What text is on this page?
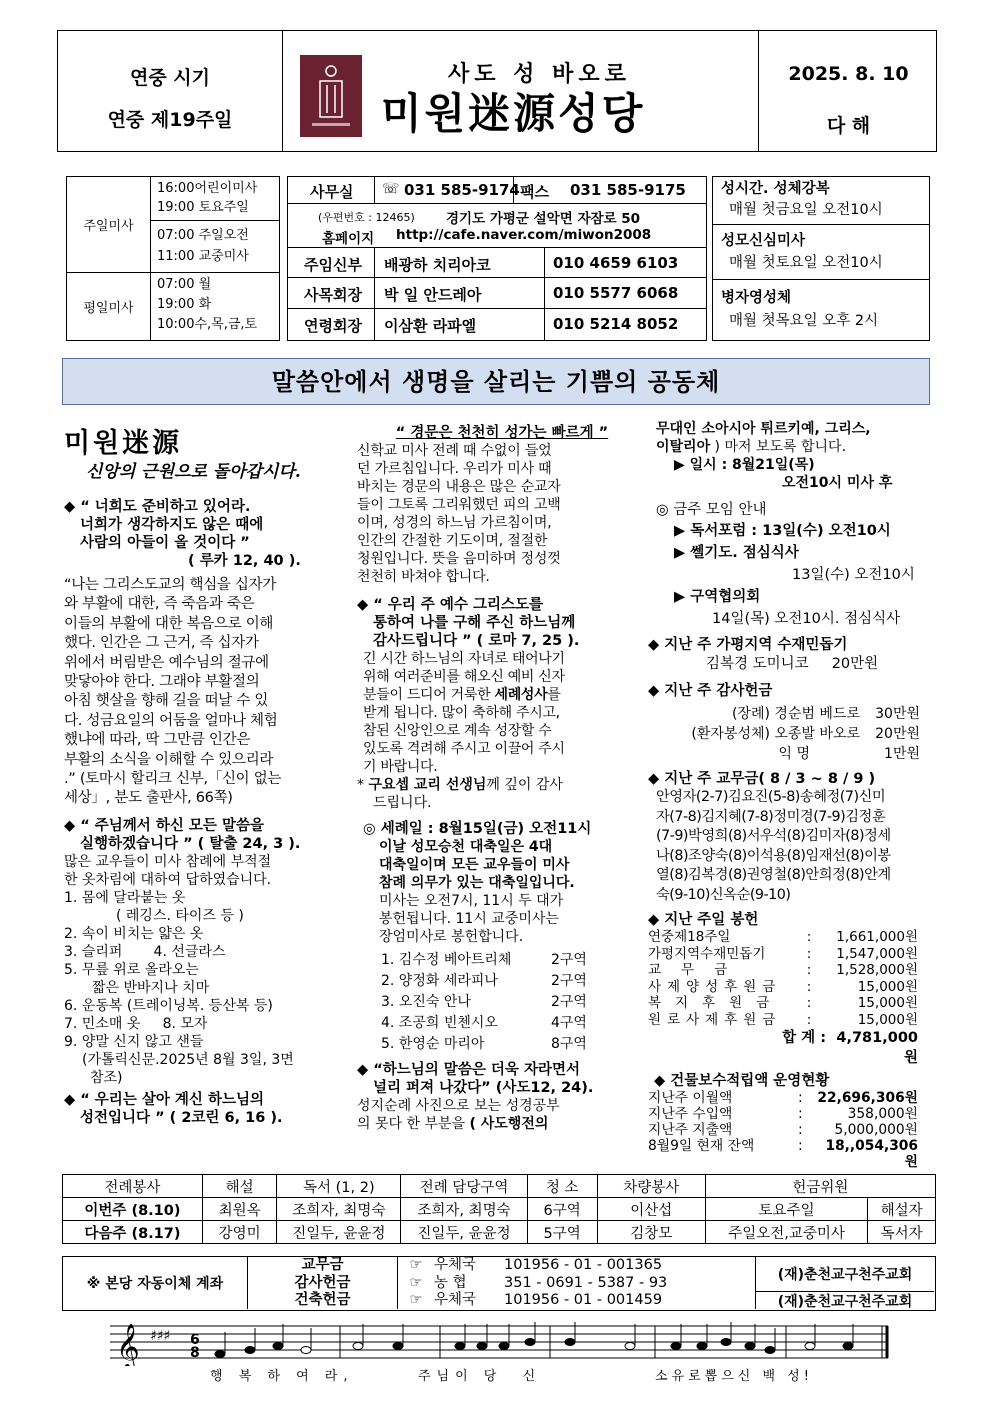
연중 시기
연중 제19주일
사도 성 바오로
미원迷源성당
2025. 8. 10
다 해
주일미사
16:00어린이미사
19:00 토요주일
07:00 주일오전
11:00 교중미사
평일미사
07:00 월
19:00 화
10:00수,목,금,토
사무실 ☏ 031 585-9174 팩스 031 585-9175
(우편번호 : 12465) 경기도 가평군 설악면 자잠로 50
홈페이지 http://cafe.naver.com/miwon2008
주임신부 배광하 치리아코	010 4659 6103
사목회장 박 일 안드레아	010 5577 6068
연령회장 이삼환 라파엘	010 5214 8052
성시간. 성체강복
매월 첫금요일 오전10시
성모신심미사
매월 첫토요일 오전10시
병자영성체
매월 첫목요일 오후 2시
말씀안에서 생명을 살리는 기쁨의 공동체
미원迷源
신앙의 근원으로 돌아갑시다.
◆ “ 너희도 준비하고 있어라.
너희가 생각하지도 않은 때에
사람의 아들이 올 것이다 ”
( 루카 12, 40 ).
“나는 그리스도교의 핵심을 십자가
와 부활에 대한, 즉 죽음과 죽은
이들의 부활에 대한 복음으로 이해
했다. 인간은 그 근거, 즉 십자가
위에서 버림받은 예수님의 절규에
맞닿아야 한다. 그래야 부활절의
아침 햇살을 향해 길을 떠날 수 있
다. 성금요일의 어둠을 얼마나 체험
했냐에 따라, 딱 그만큼 인간은
부활의 소식을 이해할 수 있으리라
.” (토마시 할리크 신부,「신이 없는
세상」, 분도 출판사, 66쪽)
◆ “ 주님께서 하신 모든 말씀을
실행하겠습니다 ” ( 탈출 24, 3 ).
많은 교우들이 미사 참례에 부적절
한 옷차림에 대하여 답하였습니다.
1. 몸에 달라붙는 옷
( 레깅스. 타이즈 등 )
2. 속이 비치는 얇은 옷
3. 슬리퍼       4. 선글라스
5. 무릎 위로 올라오는
짧은 반바지나 치마
6. 운동복 (트레이닝복. 등산복 등)
7. 민소매 옷     8. 모자
9. 양말 신지 않고 샌들
(가톨릭신문.2025년 8월 3일, 3면
참조)
◆ “ 우리는 살아 계신 하느님의
성전입니다 ” ( 2코린 6, 16 ).
“ 경문은 천천히 성가는 빠르게 ”
신학교 미사 전례 때 수없이 들었
던 가르침입니다. 우리가 미사 때
바치는 경문의 내용은 많은 순교자
들이 그토록 그리워했던 피의 고백
이며, 성경의 하느님 가르침이며,
인간의 간절한 기도이며, 절절한
청원입니다. 뜻을 음미하며 정성껏
천천히 바쳐야 합니다.
◆ “ 우리 주 예수 그리스도를
통하여 나를 구해 주신 하느님께
감사드립니다 ” ( 로마 7, 25 ).
긴 시간 하느님의 자녀로 태어나기
위해 여러준비를 해오신 예비 신자
분들이 드디어 거룩한 세례성사를
받게 됩니다. 많이 축하해 주시고,
참된 신앙인으로 계속 성장할 수
있도록 격려해 주시고 이끌어 주시
기 바랍니다.
* 구요셉 교리 선생님께 깊이 감사
드립니다.
◎ 세례일 : 8월15일(금) 오전11시
이날 성모승천 대축일은 4대
대축일이며 모든 교우들이 미사
참례 의무가 있는 대축일입니다.
미사는 오전7시, 11시 두 대가
봉헌됩니다. 11시 교중미사는
장엄미사로 봉헌합니다.
1. 김수정 베아트리체	2구역
2. 양정화 세라피나	2구역
3. 오진숙 안나	2구역
4. 조공희 빈첸시오	4구역
5. 한영순 마리아	8구역
◆ “하느님의 말씀은 더욱 자라면서
널리 퍼져 나갔다” (사도12, 24).
성지순례 사진으로 보는 성경공부
의 못다 한 부분을 ( 사도행전의
무대인 소아시아 튀르키예, 그리스,
이탈리아 ) 마저 보도록 합니다.
▶ 일시 : 8월21일(목)
오전10시 미사 후
◎ 금주 모임 안내
▶ 독서포럼 : 13일(수) 오전10시
▶ 쎌기도. 점심식사
13일(수) 오전10시
▶ 구역협의회
14일(목) 오전10시. 점심식사
◆ 지난 주 가평지역 수재민돕기
김복경 도미니코     20만원
◆ 지난 주 감사헌금
(장례) 경순범 베드로	30만원
(환자봉성체) 오종발 바오로	20만원
익 명	1만원
◆ 지난 주 교무금( 8 / 3 ~ 8 / 9 )
안영자(2-7)김요진(5-8)송혜정(7)신미
자(7-8)김지혜(7-8)정미경(7-9)김정훈
(7-9)박영희(8)서우석(8)김미자(8)정세
나(8)조양숙(8)이석용(8)임재선(8)이봉
열(8)김복경(8)권영철(8)안희정(8)안계
숙(9-10)신옥순(9-10)
◆ 지난 주일 봉헌
연중제18주일	:	1,661,000원
가평지역수재민돕기	:	1,547,000원
교무금	:	1,528,000원
사제양성후원금	:	15,000원
복지후원금	:	15,000원
원로사제후원금	:	15,000원
합 계 : 4,781,000원
◆ 건물보수적립액 운영현황
지난주 이월액	:	22,696,306원
지난주 수입액	:	358,000원
지난주 지출액	:	5,000,000원
8월9일 현재 잔액	:	18,,054,306원
전례봉사	해설	독서 (1, 2)	전례 담당구역	청 소	차량봉사	헌금위원	
이번주 (8.10)	최원옥	조희자, 최명숙	조희자, 최명숙	6구역	이산섭	토요주일	해설자
다음주 (8.17)	강영미	진일두, 윤윤정	진일두, 윤윤정	5구역	김창모	주일오전,교중미사	독서자
※ 본당 자동이체 계좌
교무금
감사헌금
건축헌금
☞ 우체국	101956 - 01 - 001365
☞ 농 협	351 - 0691 - 5387 - 93
☞ 우체국	101956 - 01 - 001459
(재)춘천교구천주교회
(재)춘천교구천주교회
𝄞 ♯♯♯ 6
8
행 복 하 여 라,	주님이 당  신	소유로뽑으신 백 성!
